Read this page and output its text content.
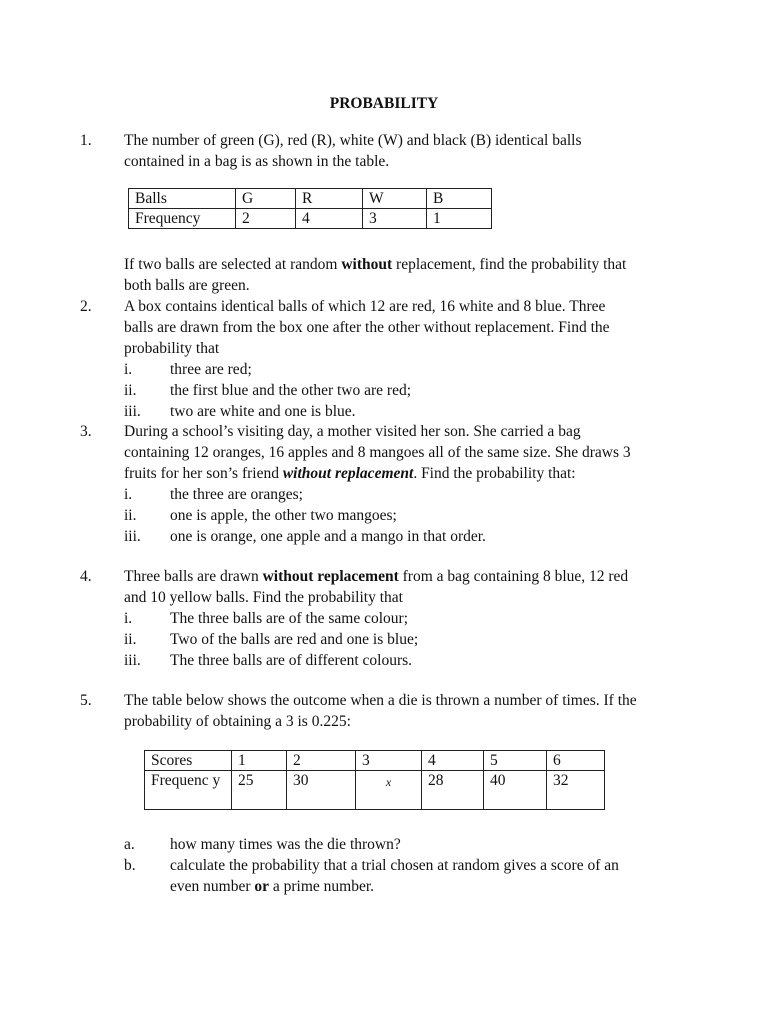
PROBABILITY
1. The number of green (G), red (R), white (W) and black (B) identical balls
contained in a bag is as shown in the table.
Balls	G	R	W	B
Frequency	2	4	3	1
If two balls are selected at random without replacement, find the probability that
both balls are green.
2. A box contains identical balls of which 12 are red, 16 white and 8 blue. Three
balls are drawn from the box one after the other without replacement. Find the
probability that
i. three are red;
ii. the first blue and the other two are red;
iii. two are white and one is blue.
3. During a school’s visiting day, a mother visited her son. She carried a bag
containing 12 oranges, 16 apples and 8 mangoes all of the same size. She draws 3
fruits for her son’s friend without replacement. Find the probability that:
i. the three are oranges;
ii. one is apple, the other two mangoes;
iii. one is orange, one apple and a mango in that order.
4. Three balls are drawn without replacement from a bag containing 8 blue, 12 red
and 10 yellow balls. Find the probability that
i. The three balls are of the same colour;
ii. Two of the balls are red and one is blue;
iii. The three balls are of different colours.
5. The table below shows the outcome when a die is thrown a number of times. If the
probability of obtaining a 3 is 0.225:
Scores	1	2	3	4	5	6
Frequenc y	25	30	x	28	40	32
a. how many times was the die thrown?
b. calculate the probability that a trial chosen at random gives a score of an
even number or a prime number.
